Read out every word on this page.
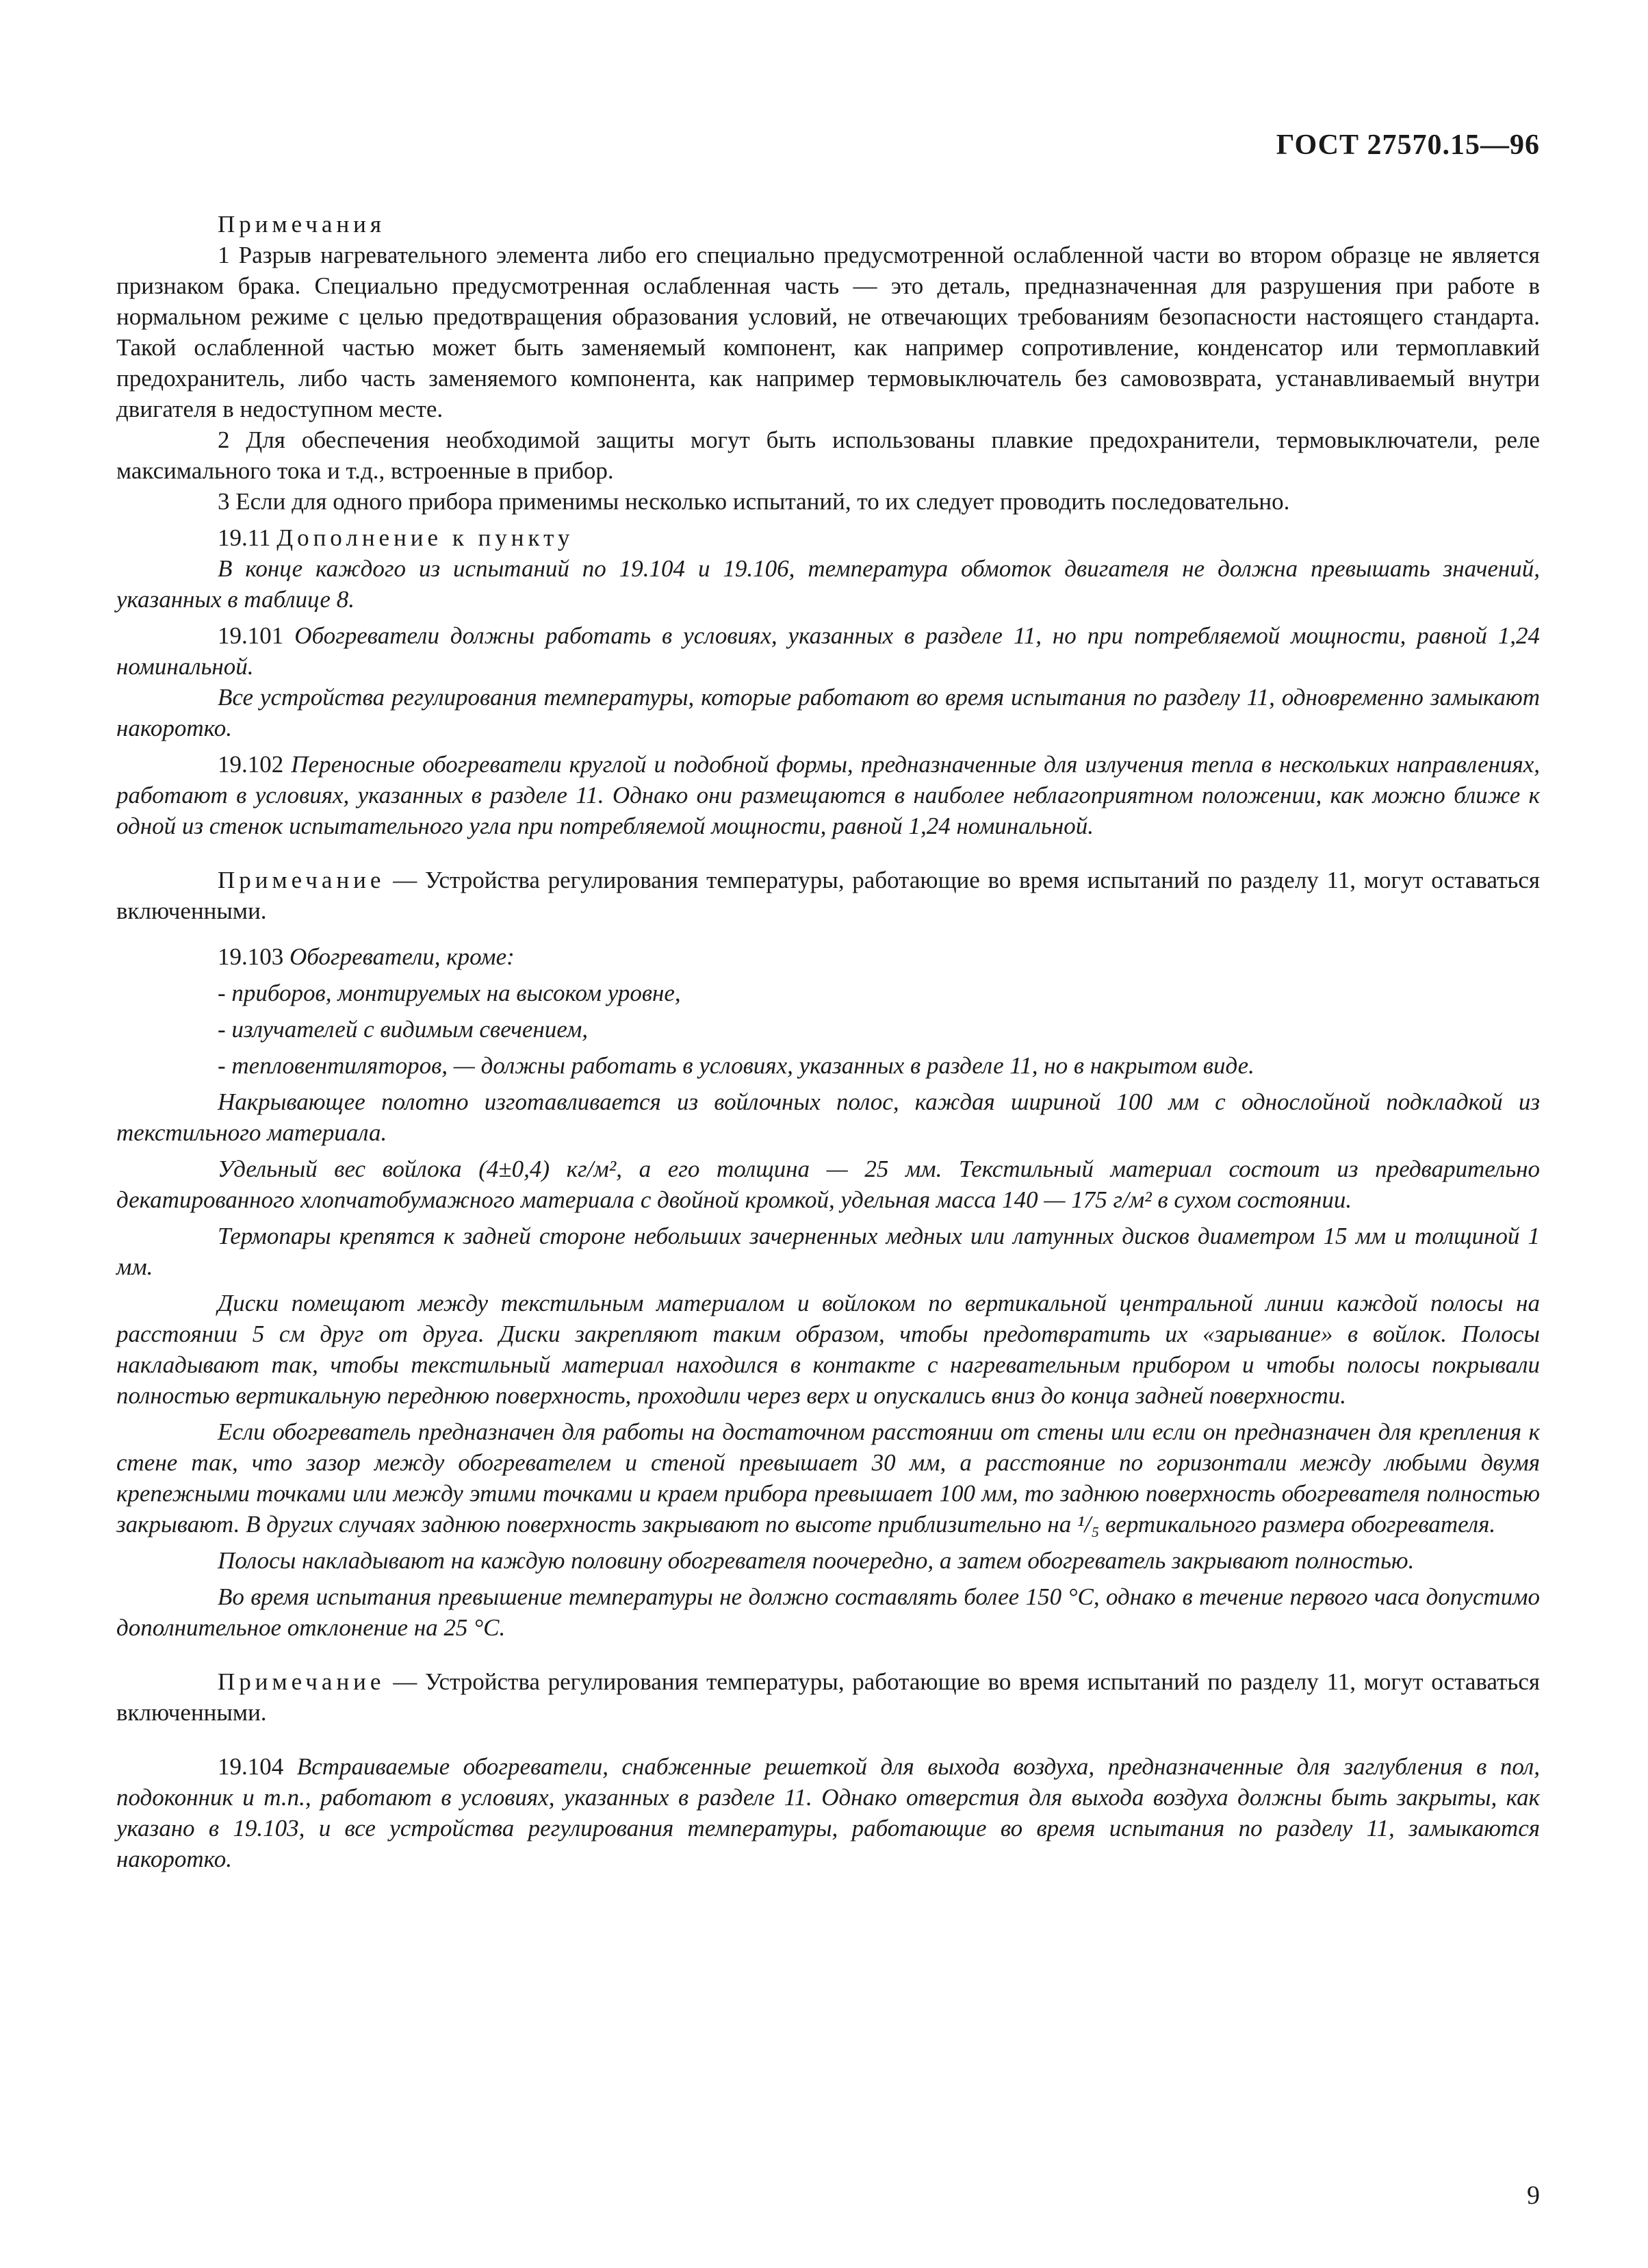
ГОСТ 27570.15—96

Примечания

1 Разрыв нагревательного элемента либо его специально предусмотренной ослабленной части во втором образце не является признаком брака. Специально предусмотренная ослабленная часть — это деталь, предназначенная для разрушения при работе в нормальном режиме с целью предотвращения образования условий, не отвечающих требованиям безопасности настоящего стандарта. Такой ослабленной частью может быть заменяемый компонент, как например сопротивление, конденсатор или термоплавкий предохранитель, либо часть заменяемого компонента, как например термовыключатель без самовозврата, устанавливаемый внутри двигателя в недоступном месте.

2 Для обеспечения необходимой защиты могут быть использованы плавкие предохранители, термовыключатели, реле максимального тока и т.д., встроенные в прибор.

3 Если для одного прибора применимы несколько испытаний, то их следует проводить последовательно.

19.11 Дополнение к пункту

В конце каждого из испытаний по 19.104 и 19.106, температура обмоток двигателя не должна превышать значений, указанных в таблице 8.

19.101 Обогреватели должны работать в условиях, указанных в разделе 11, но при потребляемой мощности, равной 1,24 номинальной.

Все устройства регулирования температуры, которые работают во время испытания по разделу 11, одновременно замыкают накоротко.

19.102 Переносные обогреватели круглой и подобной формы, предназначенные для излучения тепла в нескольких направлениях, работают в условиях, указанных в разделе 11. Однако они размещаются в наиболее неблагоприятном положении, как можно ближе к одной из стенок испытательного угла при потребляемой мощности, равной 1,24 номинальной.

Примечание — Устройства регулирования температуры, работающие во время испытаний по разделу 11, могут оставаться включенными.

19.103 Обогреватели, кроме:

- приборов, монтируемых на высоком уровне,

- излучателей с видимым свечением,

- тепловентиляторов, — должны работать в условиях, указанных в разделе 11, но в накрытом виде.

Накрывающее полотно изготавливается из войлочных полос, каждая шириной 100 мм с однослойной подкладкой из текстильного материала.

Удельный вес войлока (4±0,4) кг/м², а его толщина — 25 мм. Текстильный материал состоит из предварительно декатированного хлопчатобумажного материала с двойной кромкой, удельная масса 140 — 175 г/м² в сухом состоянии.

Термопары крепятся к задней стороне небольших зачерненных медных или латунных дисков диаметром 15 мм и толщиной 1 мм.

Диски помещают между текстильным материалом и войлоком по вертикальной центральной линии каждой полосы на расстоянии 5 см друг от друга. Диски закрепляют таким образом, чтобы предотвратить их «зарывание» в войлок. Полосы накладывают так, чтобы текстильный материал находился в контакте с нагревательным прибором и чтобы полосы покрывали полностью вертикальную переднюю поверхность, проходили через верх и опускались вниз до конца задней поверхности.

Если обогреватель предназначен для работы на достаточном расстоянии от стены или если он предназначен для крепления к стене так, что зазор между обогревателем и стеной превышает 30 мм, а расстояние по горизонтали между любыми двумя крепежными точками или между этими точками и краем прибора превышает 100 мм, то заднюю поверхность обогревателя полностью закрывают. В других случаях заднюю поверхность закрывают по высоте приблизительно на ¹/₅ вертикального размера обогревателя.

Полосы накладывают на каждую половину обогревателя поочередно, а затем обогреватель закрывают полностью.

Во время испытания превышение температуры не должно составлять более 150 °С, однако в течение первого часа допустимо дополнительное отклонение на 25 °С.

Примечание — Устройства регулирования температуры, работающие во время испытаний по разделу 11, могут оставаться включенными.

19.104 Встраиваемые обогреватели, снабженные решеткой для выхода воздуха, предназначенные для заглубления в пол, подоконник и т.п., работают в условиях, указанных в разделе 11. Однако отверстия для выхода воздуха должны быть закрыты, как указано в 19.103, и все устройства регулирования температуры, работающие во время испытания по разделу 11, замыкаются накоротко.

9
